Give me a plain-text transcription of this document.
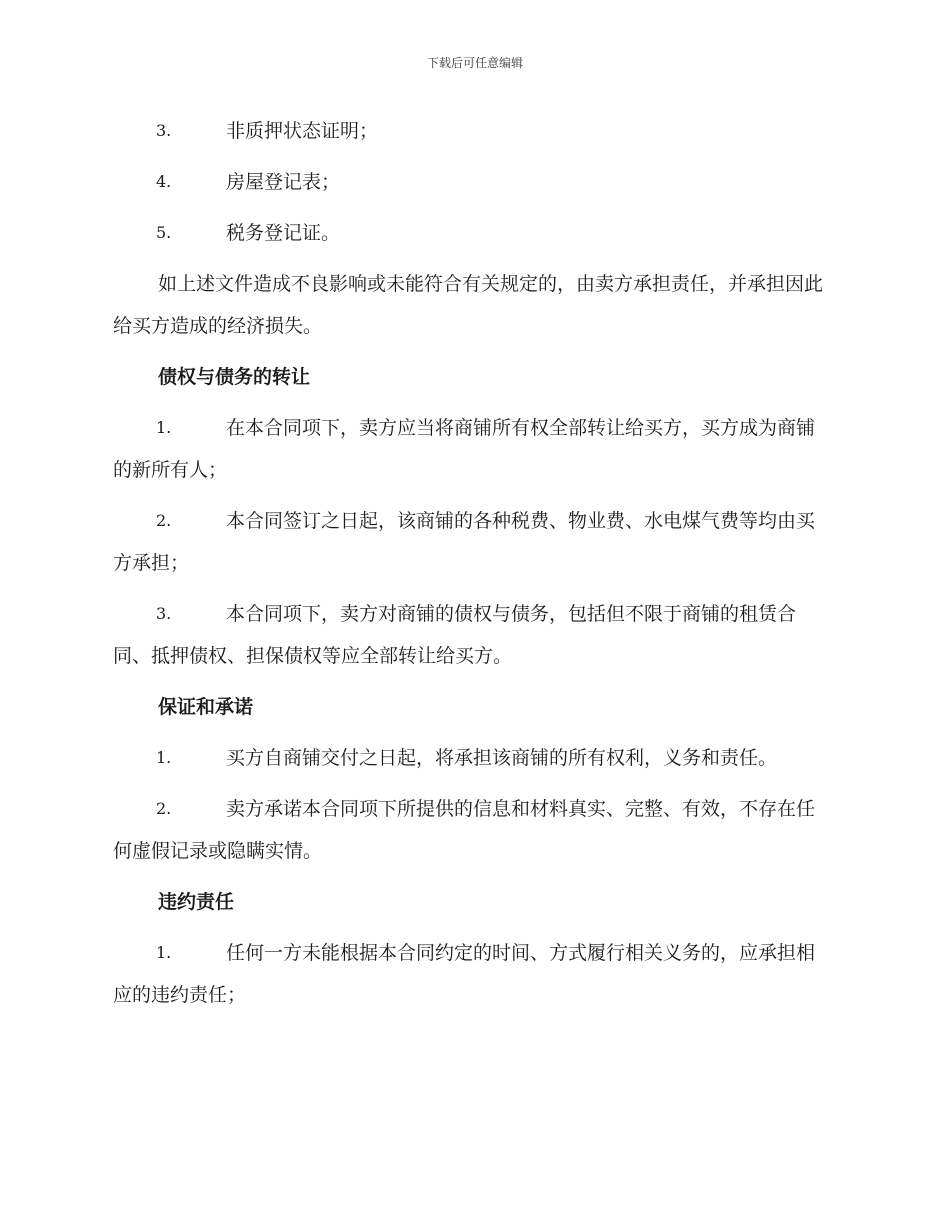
下载后可任意编辑
3.	非质押状态证明；
4.	房屋登记表；
5.	税务登记证。
如上述文件造成不良影响或未能符合有关规定的，由卖方承担责任，并承担因此给买方造成的经济损失。
债权与债务的转让
1.	在本合同项下，卖方应当将商铺所有权全部转让给买方，买方成为商铺的新所有人；
2.	本合同签订之日起，该商铺的各种税费、物业费、水电煤气费等均由买方承担；
3.	本合同项下，卖方对商铺的债权与债务，包括但不限于商铺的租赁合同、抵押债权、担保债权等应全部转让给买方。
保证和承诺
1.	买方自商铺交付之日起，将承担该商铺的所有权利，义务和责任。
2.	卖方承诺本合同项下所提供的信息和材料真实、完整、有效，不存在任何虚假记录或隐瞒实情。
违约责任
1.	任何一方未能根据本合同约定的时间、方式履行相关义务的，应承担相应的违约责任；
